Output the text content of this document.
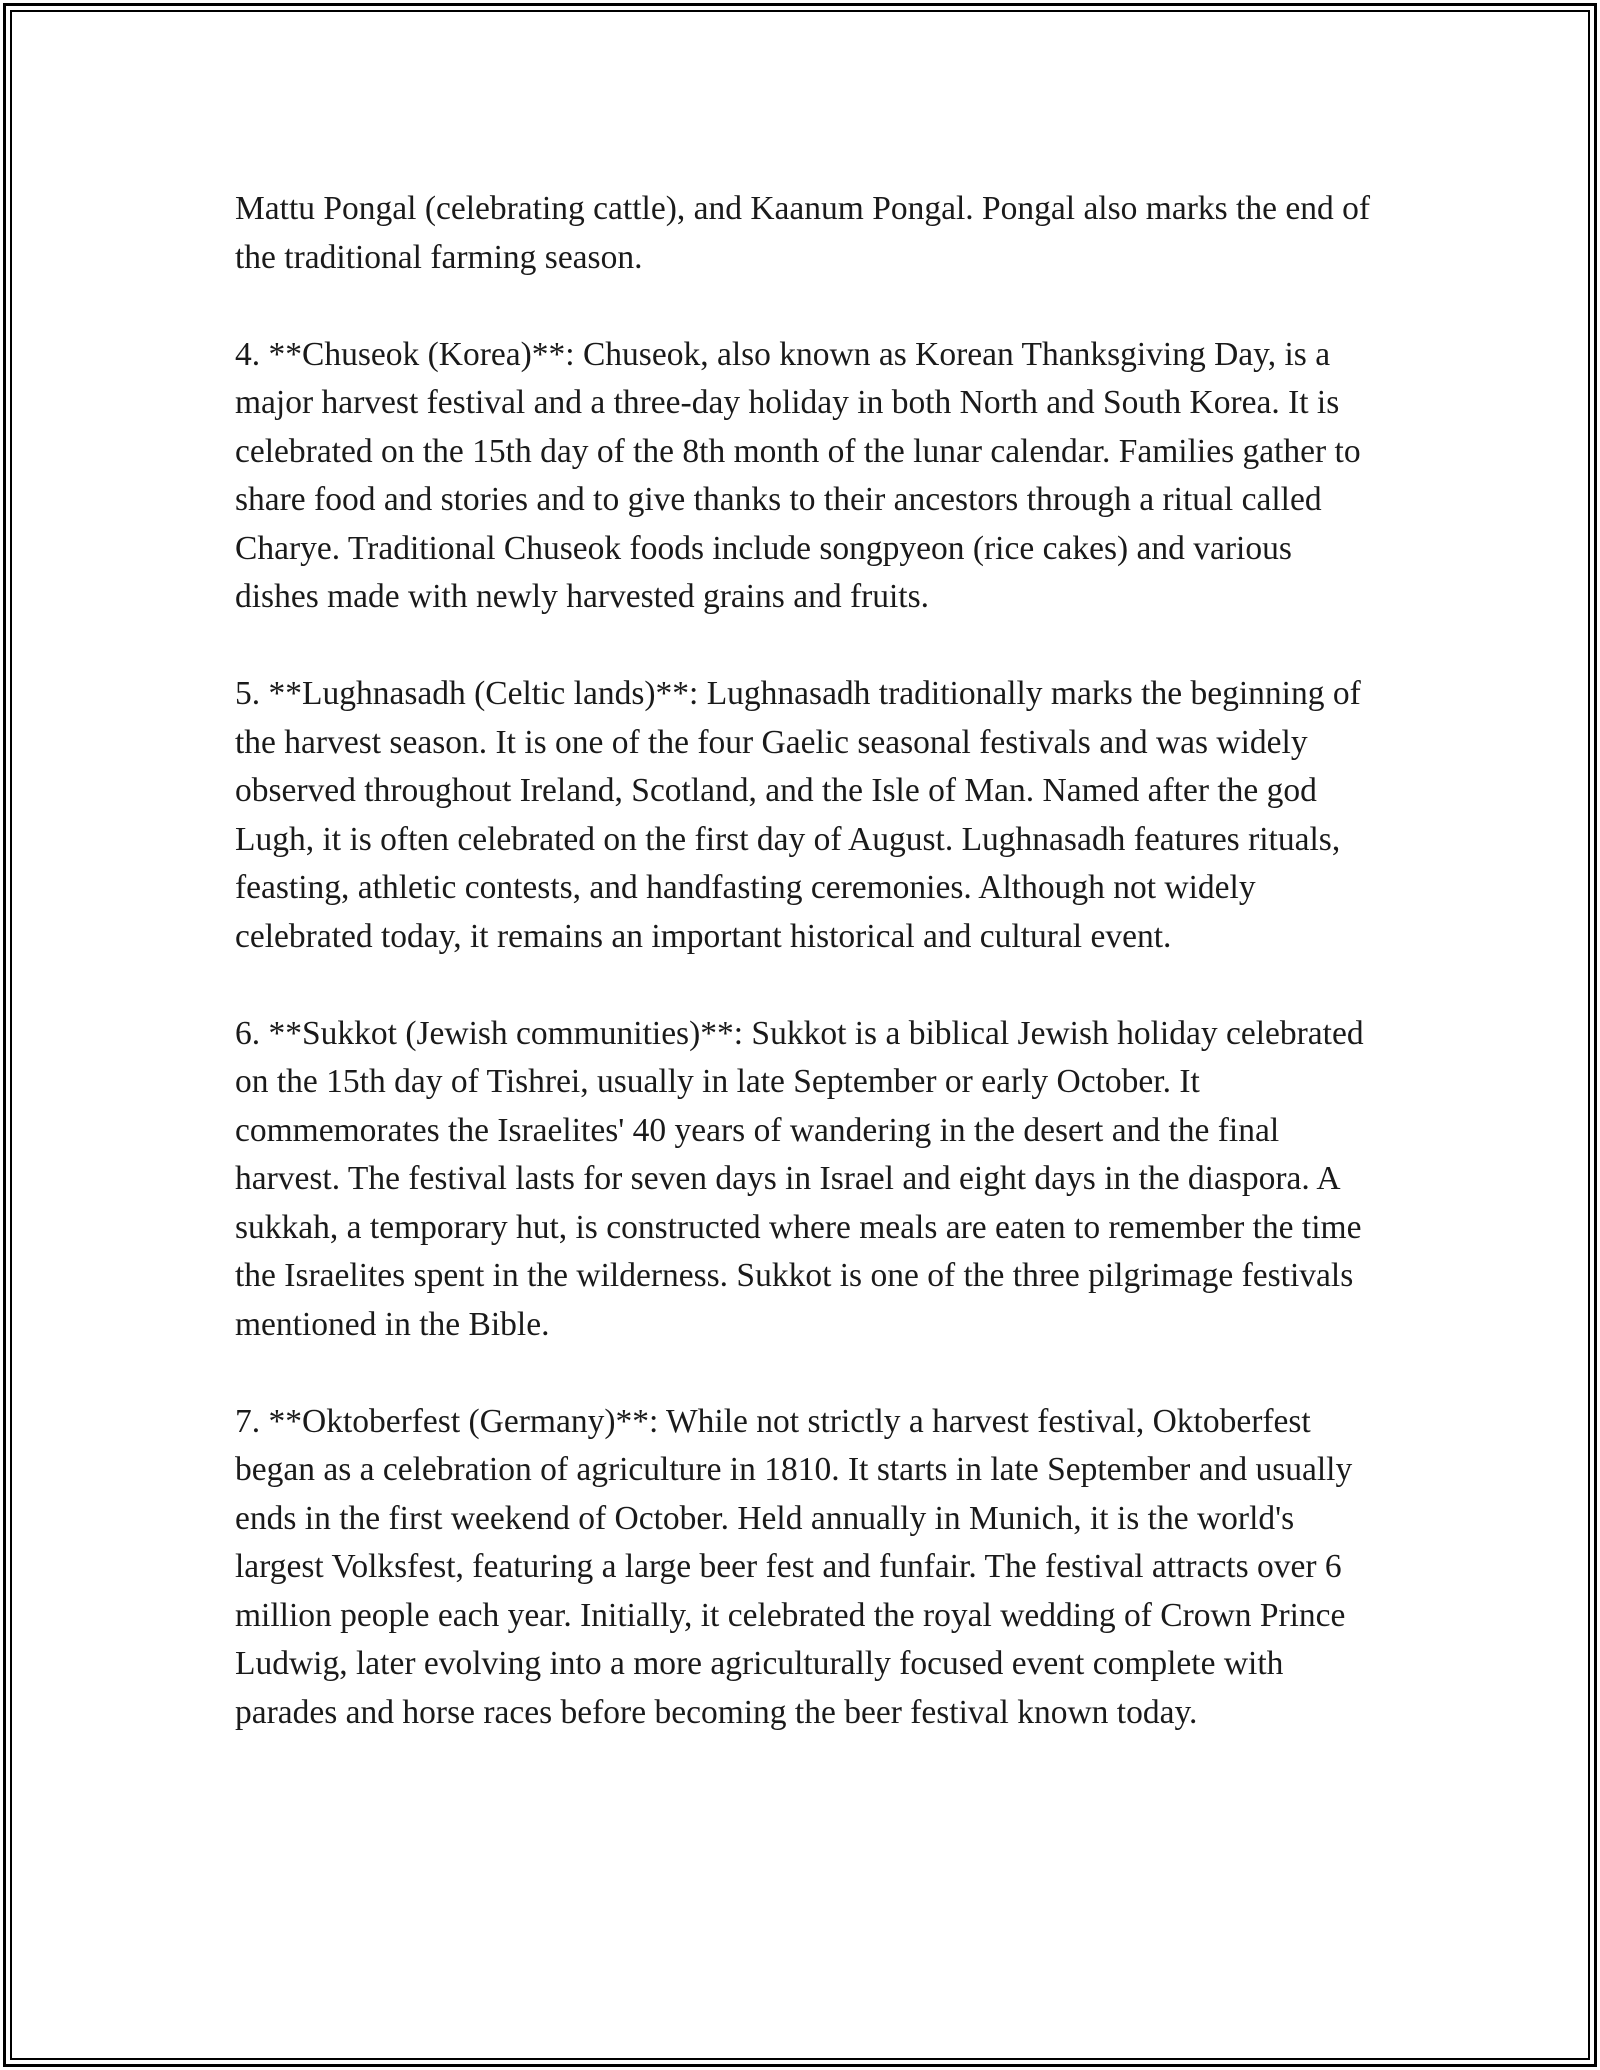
Mattu Pongal (celebrating cattle), and Kaanum Pongal. Pongal also marks the end of the traditional farming season.

4. **Chuseok (Korea)**: Chuseok, also known as Korean Thanksgiving Day, is a major harvest festival and a three-day holiday in both North and South Korea. It is celebrated on the 15th day of the 8th month of the lunar calendar. Families gather to share food and stories and to give thanks to their ancestors through a ritual called Charye. Traditional Chuseok foods include songpyeon (rice cakes) and various dishes made with newly harvested grains and fruits.

5. **Lughnasadh (Celtic lands)**: Lughnasadh traditionally marks the beginning of the harvest season. It is one of the four Gaelic seasonal festivals and was widely observed throughout Ireland, Scotland, and the Isle of Man. Named after the god Lugh, it is often celebrated on the first day of August. Lughnasadh features rituals, feasting, athletic contests, and handfasting ceremonies. Although not widely celebrated today, it remains an important historical and cultural event.

6. **Sukkot (Jewish communities)**: Sukkot is a biblical Jewish holiday celebrated on the 15th day of Tishrei, usually in late September or early October. It commemorates the Israelites' 40 years of wandering in the desert and the final harvest. The festival lasts for seven days in Israel and eight days in the diaspora. A sukkah, a temporary hut, is constructed where meals are eaten to remember the time the Israelites spent in the wilderness. Sukkot is one of the three pilgrimage festivals mentioned in the Bible.

7. **Oktoberfest (Germany)**: While not strictly a harvest festival, Oktoberfest began as a celebration of agriculture in 1810. It starts in late September and usually ends in the first weekend of October. Held annually in Munich, it is the world's largest Volksfest, featuring a large beer fest and funfair. The festival attracts over 6 million people each year. Initially, it celebrated the royal wedding of Crown Prince Ludwig, later evolving into a more agriculturally focused event complete with parades and horse races before becoming the beer festival known today.
